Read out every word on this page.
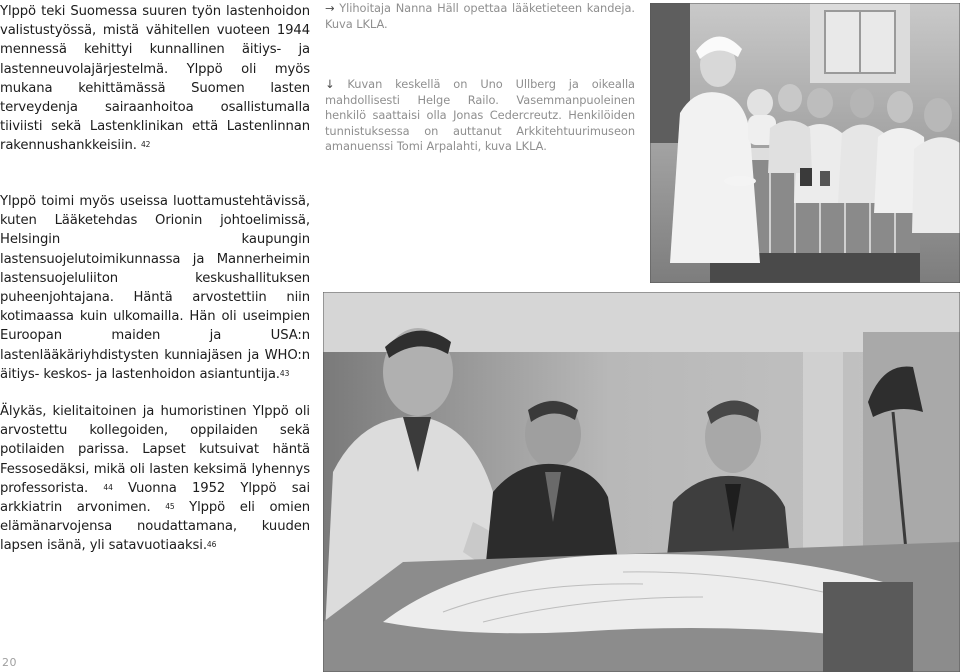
Ylppö teki Suomessa suuren työn lastenhoidon valistustyössä, mistä vähitellen vuoteen 1944 mennessä kehittyi kunnallinen äitiys- ja lastenneuvolajärjestelmä. Ylppö oli myös mukana kehittämässä Suomen lasten terveydenja sairaanhoitoa osallistumalla tiiviisti sekä Lastenklinikan että Lastenlinnan rakennushankkeisiin. $^{42}$

Ylppö toimi myös useissa luottamustehtävissä, kuten Lääketehdas Orionin johtoelimissä, Helsingin kaupungin lastensuojelutoimikunnassa ja Mannerheimin lastensuojeluliiton keskushallituksen puheenjohtajana. Häntä arvostettiin niin kotimaassa kuin ulkomailla. Hän oli useimpien Euroopan maiden ja USA:n lastenlääkäriyhdistysten kunniajäsen ja WHO:n äitiys- keskos- ja lastenhoidon asiantuntija.$^{43}$

Älykäs, kielitaitoinen ja humoristinen Ylppö oli arvostettu kollegoiden, oppilaiden sekä potilaiden parissa. Lapset kutsuivat häntä Fessosedäksi, mikä oli lasten keksimä lyhennys professorista. $^{44}$ Vuonna 1952 Ylppö sai arkkiatrin arvonimen. $^{45}$ Ylppö eli omien elämänarvojensa noudattamana, kuuden lapsen isänä, yli satavuotiaaksi.$^{46}$

→ Ylihoitaja Nanna Häll opettaa lääketieteen kandeja. Kuva LKLA.

↓ Kuvan keskellä on Uno Ullberg ja oikealla mahdollisesti Helge Railo. Vasemmanpuoleinen henkilö saattaisi olla Jonas Cedercreutz. Henkilöiden tunnistuksessa on auttanut Arkkitehtuurimuseon amanuenssi Tomi Arpalahti, kuva LKLA.

20
